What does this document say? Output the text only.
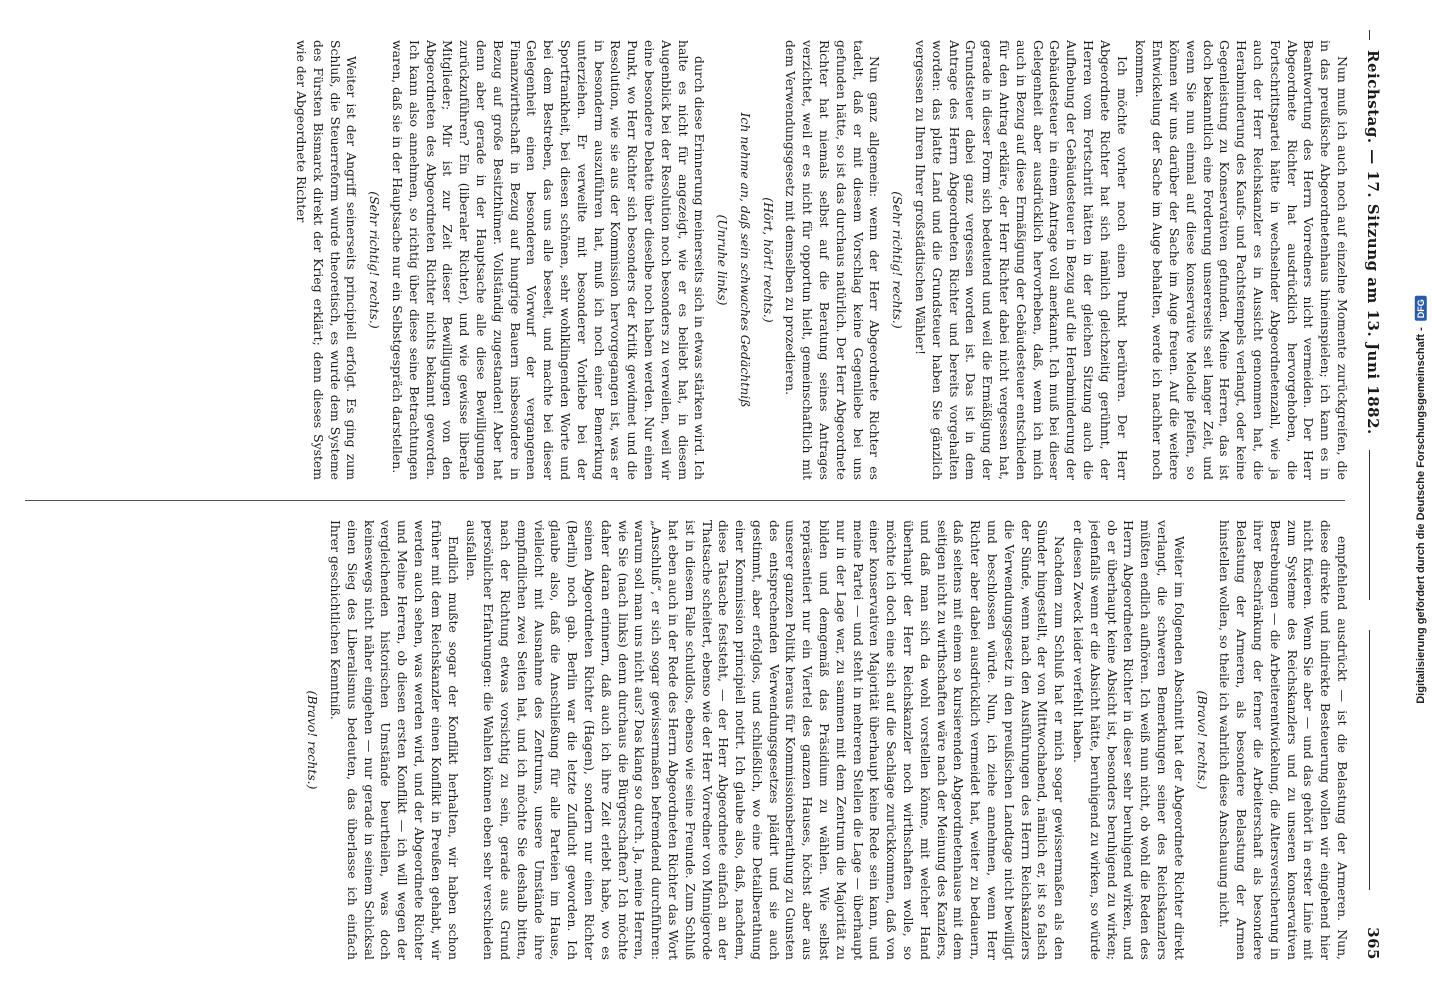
Reichstag. — 17. Sitzung am 13. Juni 1882.
365

Nun muß ich auch noch auf einzelne Momente zurückgreifen, die in das preußische Abgeordnetenhaus hineinspielen; ich kann es in Beantwortung des Herrn Vorredners nicht vermeiden. Der Herr Abgeordnete Richter hat ausdrücklich hervorgehoben, die Fortschrittspartei hätte in wechselnder Abgeordnetenzahl, wie ja auch der Herr Reichskanzler es in Aussicht genommen hat, die Herabminderung des Kaufs- und Pachtstempels verlangt, oder keine Gegenleistung zu Konservativen gefunden. Meine Herren, das ist doch bekanntlich eine Forderung unsererseits seit langer Zeit, und wenn Sie nun einmal auf diese konservative Melodie pfeifen, so können wir uns darüber der Sache im Auge freuen. Auf die weitere Entwickelung der Sache im Auge behalten, werde ich nachher noch kommen.

Ich möchte vorher noch einen Punkt berühren. Der Herr Abgeordnete Richter hat sich nämlich gleichzeitig gerühmt, der Herren vom Fortschritt hätten in der gleichen Sitzung auch die Aufhebung der Gebäudesteuer in Bezug auf die Herabminderung der Gebäudesteuer in einem Antrage voll anerkannt. Ich muß bei dieser Gelegenheit aber ausdrücklich hervorheben, daß, wenn ich mich auch in Bezug auf diese Ermäßigung der Gebäudesteuer entschieden für den Antrag erkläre, der Herr Richter dabei nicht vergessen hat, gerade in dieser Form sich bedeutend und weil die Ermäßigung der Grundsteuer dabei ganz vergessen worden ist. Das ist in dem Antrage des Herrn Abgeordneten Richter und bereits vorgehalten worden: das platte Land und die Grundsteuer haben Sie gänzlich vergessen zu Ihren Ihrer großstädtischen Wähler!

(Sehr richtig! rechts.)

Nun ganz allgemein: wenn der Herr Abgeordnete Richter es tadelt, daß er mit diesem Vorschlag keine Gegenliebe bei uns gefunden hätte, so ist das durchaus natürlich. Der Herr Abgeordnete Richter hat niemals selbst auf die Beratung seines Antrages verzichtet, weil er es nicht für opportun hielt, gemeinschaftlich mit dem Verwendungsgesetz mit demselben zu prozedieren.

(Hört, hört! rechts.)

Ich nehme an, daß sein schwaches Gedächtniß

(Unruhe links)

durch diese Erinnerung meinerseits sich in etwas stärken wird. Ich halte es nicht für angezeigt, wie er es beliebt hat, in diesem Augenblick bei der Resolution noch besonders zu verweilen, weil wir eine besondere Debatte über dieselbe noch haben werden. Nur einen Punkt, wo Herr Richter sich besonders der Kritik gewidmet und die Resolution, wie sie aus der Kommission hervorgegangen ist, was er in besonderm auszuführen hat, muß ich noch einer Bemerkung unterziehen. Er verweilte mit besonderer Vorliebe bei der Sportfrankheit, bei diesen schönen, sehr wohlklingenden Worte und bei dem Bestreben, das uns alle beseelt, und machte bei dieser Gelegenheit einen besonderen Vorwurf der vergangenen Finanzwirthschaft in Bezug auf hungrige Bauern insbesondere in Bezug auf große Besitzthümer. Vollständig zugestanden! Aber hat denn aber gerade in der Hauptsache alle diese Bewilligungen zurückzuführen? Ein (liberaler Richter), und wie gewisse liberale Mitglieder; Mir ist zur Zeit dieser Bewilligungen von den Abgeordneten des Abgeordneten Richter nichts bekannt geworden. Ich kann also annehmen, so richtig über diese seine Betrachtungen waren, daß sie in der Hauptsache nur ein Selbstgespräch darstellen.

(Sehr richtig! rechts.)

Weiter ist der Angriff seinerseits principiell erfolgt. Es ging zum Schluß, die Steuerreform wurde theoretisch, es wurde dem Systeme des Fürsten Bismarck direkt der Krieg erklärt; denn dieses System wie der Abgeordnete Richter

empfehlend ausdrückt — ist die Belastung der Armeren. Nun, diese direkte und indirekte Besteuerung wollen wir eingehend hier nicht fixieren. Wenn Sie aber — und das gehört in erster Linie mit zum Systeme des Reichskanzlers und zu unseren konservativen Bestrebungen — die Arbeiterentwickelung, die Altersversicherung in ihrer Beschränkung der ferner die Arbeiterschaft als besondere Belastung der Armeren, als besondere Belastung der Armen hinstellen wollen, so theile ich wahrlich diese Anschauung nicht.

(Bravo! rechts.)

Weiter im folgenden Abschnitt hat der Abgeordnete Richter direkt verlangt, die schweren Bemerkungen seiner des Reichskanzlers müßten endlich aufhören. Ich weiß nun nicht, ob wohl die Reden des Herrn Abgeordneten Richter in dieser sehr beruhigend wirken, und ob er überhaupt keine Absicht ist, besonders beruhigend zu wirken; jedenfalls wenn er die Absicht hätte, beruhigend zu wirken, so würde er diesen Zweck leider verfehlt haben.

Nachdem zum Schluß hat er mich sogar gewissermaßen als den Sünder hingestellt, der von Mittwochabend, nämlich er, ist so falsch der Sünde, wenn nach den Ausführungen des Herrn Reichskanzlers die Verwendungsgesetz in den preußischen Landtage nicht bewilligt und beschlossen würde. Nun, ich ziehe annehmen, wenn Herr Richter aber dabei ausdrücklich vermeidet hat, weiter zu bedauern, daß seitens mit einem so kursierenden Abgeordnetenhause mit dem seitigen nicht zu wirthschaften wäre nach der Meinung des Kanzlers, und daß man sich da wohl vorstellen könne, mit welcher Hand überhaupt der Herr Reichskanzler noch wirthschaften wolle, so möchte ich doch eine sich auf die Sachlage zurückkommen, daß von einer konservativen Majorität überhaupt keine Rede sein kann, und meine Partei — und steht in mehreren Stellen die Lage — überhaupt nur in der Lage war, zu sammen mit dem Zentrum die Majorität zu bilden und demgemäß das Präsidium zu wählen. Wie selbst repräsentiert nur ein Viertel des ganzen Hauses, höchst aber aus unserer ganzen Politik heraus für Kommissionsberathung zu Gunsten des entsprechenden Verwendungsgesetzes plädirt und sie auch gestimmt, aber erfolglos, und schließlich, wo eine Detailberathung einer Kommission principiell notirt. Ich glaube also, daß, nachdem, diese Tatsache feststeht, — der Herr Abgeordnete einfach an der Thatsache scheitert, ebenso wie der Herr Vorredner von Minnigerode ist in diesem Falle schuldlos, ebenso wie seine Freunde. Zum Schluß hat eben auch in der Rede des Herrn Abgeordneten Richter das Wort „Anschluß“, er sich sogar gewissermaßen befremdend durchführen: warum soll man uns nicht aus? Das klang so durch. Ja, meine Herren, wie Sie (nach links) denn durchaus die Bürgerschaften? Ich möchte daher daran erinnern, daß auch ich ihre Zeit erlebt habe, wo es seinen Abgeordneten Richter (Hagen), sondern nur einen Richter (Berlin) noch gab. Berlin war die letzte Zuflucht geworden. Ich glaube also, daß die Anschließung für alle Parteien im Hause, vielleicht mit Ausnahme des Zentrums, unsere Umstände ihre empfindlichen zwei Seiten hat, und ich möchte Sie deshalb bitten, nach der Richtung etwas vorsichtig zu sein, gerade aus Grund persönlicher Erfahrungen: die Wahlen können eben sehr verschieden ausfallen.

Endlich mußte sogar der Konflikt herhalten, wir haben schon früher mit dem Reichskanzler einen Konflikt in Preußen gehabt, wir werden auch sehen, was werden wird, und der Abgeordnete Richter und Meine Herren, ob diesen ersten Konflikt — ich will wegen der vergleichenden historischen Umstände beurtheilen, was doch keineswegs nicht näher eingehen — nur gerade in seinem Schicksal einen Sieg des Liberalismus bedeuten, das überlasse ich einfach Ihrer geschichtlichen Kenntniß.

(Bravo! rechts.)

Digitalisierung gefördert durch die Deutsche Forschungsgemeinschaft -
DFG
